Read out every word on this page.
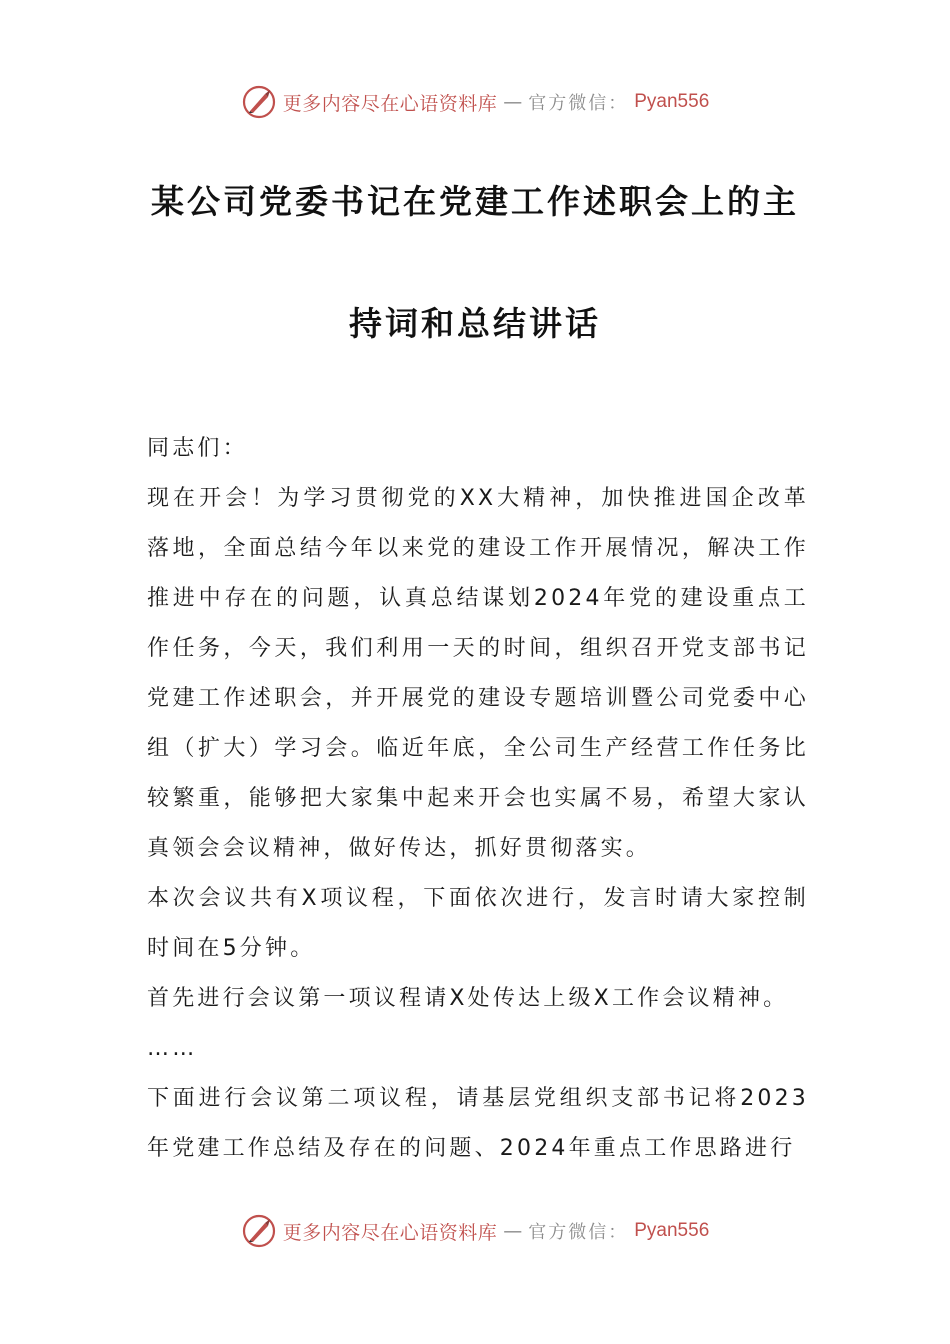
更多内容尽在心语资料库 — 官方微信： Pyan556
某公司党委书记在党建工作述职会上的主
持词和总结讲话

同志们：

现在开会！为学习贯彻党的XX大精神，加快推进国企改革落地，全面总结今年以来党的建设工作开展情况，解决工作推进中存在的问题，认真总结谋划2024年党的建设重点工作任务，今天，我们利用一天的时间，组织召开党支部书记党建工作述职会，并开展党的建设专题培训暨公司党委中心组（扩大）学习会。临近年底，全公司生产经营工作任务比较繁重，能够把大家集中起来开会也实属不易，希望大家认真领会会议精神，做好传达，抓好贯彻落实。

本次会议共有X项议程，下面依次进行，发言时请大家控制时间在5分钟。

首先进行会议第一项议程请X处传达上级X工作会议精神。

……

下面进行会议第二项议程，请基层党组织支部书记将2023年党建工作总结及存在的问题、2024年重点工作思路进行

更多内容尽在心语资料库 — 官方微信： Pyan556
